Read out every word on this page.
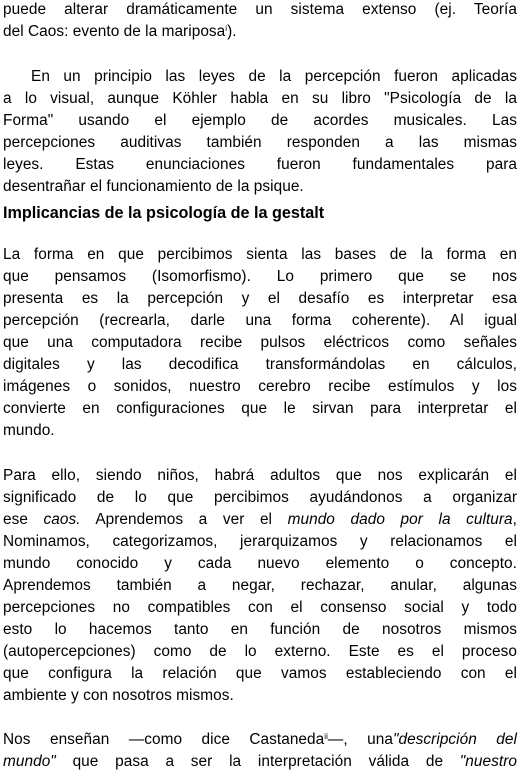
puede alterar dramáticamente un sistema extenso (ej. Teoría
del Caos: evento de la mariposa$^i$).
En un principio las leyes de la percepción fueron aplicadas
a lo visual, aunque Köhler habla en su libro "Psicología de la
Forma" usando el ejemplo de acordes musicales. Las
percepciones auditivas también responden a las mismas
leyes. Estas enunciaciones fueron fundamentales para
desentrañar el funcionamiento de la psique.
Implicancias de la psicología de la gestalt
La forma en que percibimos sienta las bases de la forma en
que pensamos (Isomorfismo). Lo primero que se nos
presenta es la percepción y el desafío es interpretar esa
percepción (recrearla, darle una forma coherente). Al igual
que una computadora recibe pulsos eléctricos como señales
digitales y las decodifica transformándolas en cálculos,
imágenes o sonidos, nuestro cerebro recibe estímulos y los
convierte en configuraciones que le sirvan para interpretar el
mundo.
Para ello, siendo niños, habrá adultos que nos explicarán el
significado de lo que percibimos ayudándonos a organizar
ese caos. Aprendemos a ver el mundo dado por la cultura,
Nominamos, categorizamos, jerarquizamos y relacionamos el
mundo conocido y cada nuevo elemento o concepto.
Aprendemos también a negar, rechazar, anular, algunas
percepciones no compatibles con el consenso social y todo
esto lo hacemos tanto en función de nosotros mismos
(autopercepciones) como de lo externo. Este es el proceso
que configura la relación que vamos estableciendo con el
ambiente y con nosotros mismos.
Nos enseñan —como dice Castaneda$^{ii}$—, una"descripción del
mundo" que pasa a ser la interpretación válida de "nuestro
